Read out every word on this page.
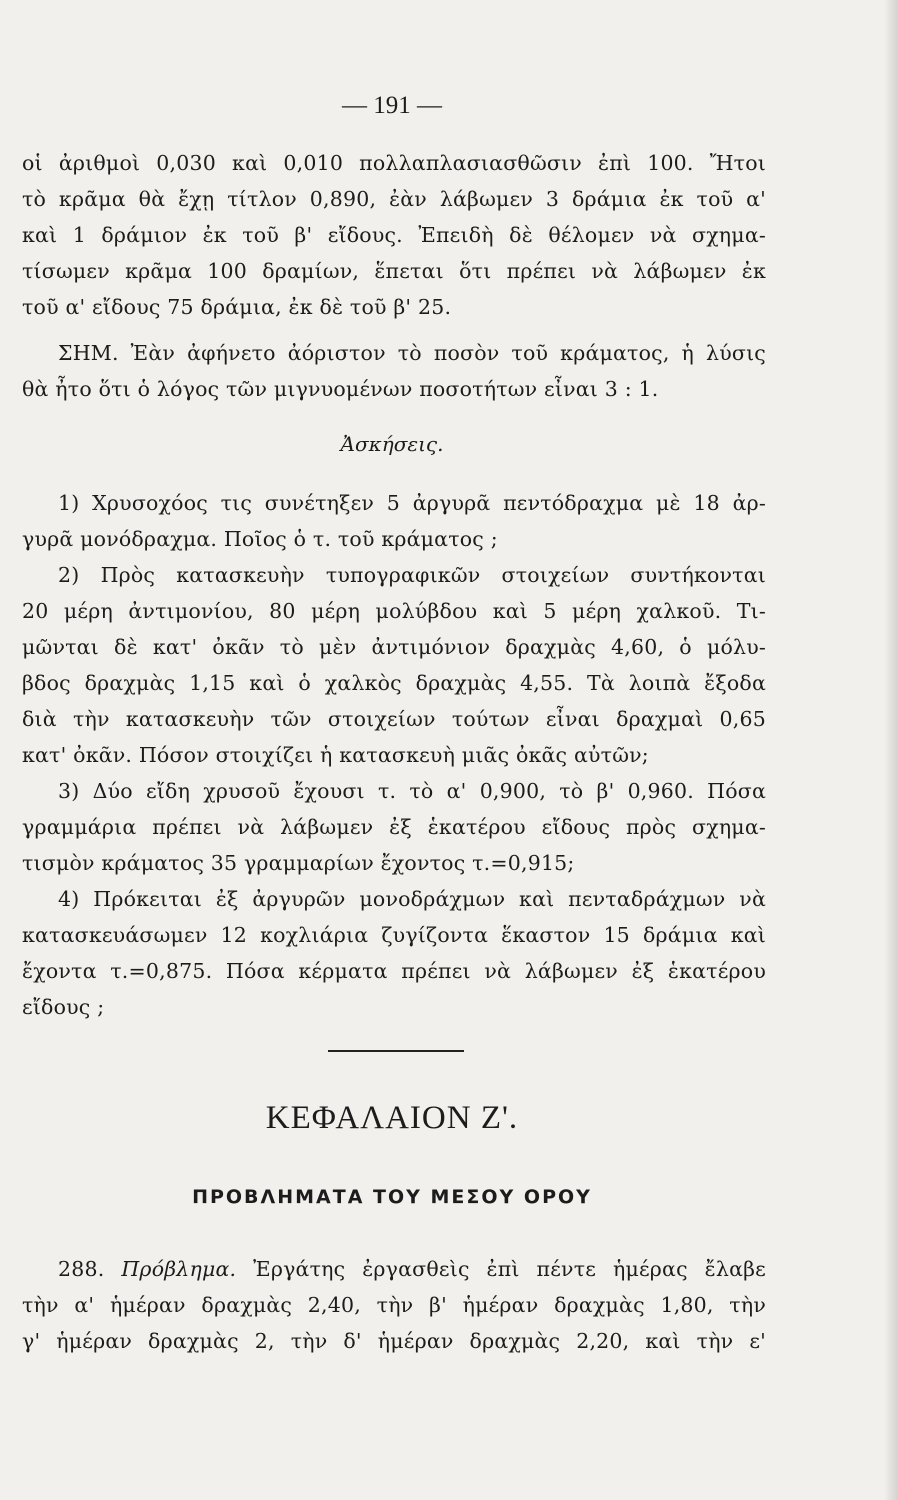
— 191 —
οἱ ἀριθμοὶ 0,030 καὶ 0,010 πολλαπλασιασθῶσιν ἐπὶ 100. Ἤτοι
τὸ κρᾶμα θὰ ἔχῃ τίτλον 0,890, ἐὰν λάβωμεν 3 δράμια ἐκ τοῦ α'
καὶ 1 δράμιον ἐκ τοῦ β' εἴδους. Ἐπειδὴ δὲ θέλομεν νὰ σχημα-
τίσωμεν κρᾶμα 100 δραμίων, ἕπεται ὅτι πρέπει νὰ λάβωμεν ἐκ
τοῦ α' εἴδους 75 δράμια, ἐκ δὲ τοῦ β' 25.
ΣΗΜ. Ἐὰν ἀφήνετο ἀόριστον τὸ ποσὸν τοῦ κράματος, ἡ λύσις
θὰ ἦτο ὅτι ὁ λόγος τῶν μιγνυομένων ποσοτήτων εἶναι 3 : 1.
Ἀσκήσεις.
1) Χρυσοχόος τις συνέτηξεν 5 ἀργυρᾶ πεντόδραχμα μὲ 18 ἀρ-
γυρᾶ μονόδραχμα. Ποῖος ὁ τ. τοῦ κράματος ;
2) Πρὸς κατασκευὴν τυπογραφικῶν στοιχείων συντήκονται
20 μέρη ἀντιμονίου, 80 μέρη μολύβδου καὶ 5 μέρη χαλκοῦ. Τι-
μῶνται δὲ κατ' ὀκᾶν τὸ μὲν ἀντιμόνιον δραχμὰς 4,60, ὁ μόλυ-
βδος δραχμὰς 1,15 καὶ ὁ χαλκὸς δραχμὰς 4,55. Τὰ λοιπὰ ἔξοδα
διὰ τὴν κατασκευὴν τῶν στοιχείων τούτων εἶναι δραχμαὶ 0,65
κατ' ὀκᾶν. Πόσον στοιχίζει ἡ κατασκευὴ μιᾶς ὀκᾶς αὐτῶν;
3) Δύο εἴδη χρυσοῦ ἔχουσι τ. τὸ α' 0,900, τὸ β' 0,960. Πόσα
γραμμάρια πρέπει νὰ λάβωμεν ἐξ ἑκατέρου εἴδους πρὸς σχημα-
τισμὸν κράματος 35 γραμμαρίων ἔχοντος τ.=0,915;
4) Πρόκειται ἐξ ἀργυρῶν μονοδράχμων καὶ πενταδράχμων νὰ
κατασκευάσωμεν 12 κοχλιάρια ζυγίζοντα ἕκαστον 15 δράμια καὶ
ἔχοντα τ.=0,875. Πόσα κέρματα πρέπει νὰ λάβωμεν ἐξ ἑκατέρου
εἴδους ;
ΚΕΦΑΛΑΙΟΝ Ζ'.
ΠΡΟΒΛΗΜΑΤΑ ΤΟΥ ΜΕΣΟΥ ΟΡΟΥ
288. Πρόβλημα. Ἐργάτης ἐργασθεὶς ἐπὶ πέντε ἡμέρας ἔλαβε
τὴν α' ἡμέραν δραχμὰς 2,40, τὴν β' ἡμέραν δραχμὰς 1,80, τὴν
γ' ἡμέραν δραχμὰς 2, τὴν δ' ἡμέραν δραχμὰς 2,20, καὶ τὴν ε'
